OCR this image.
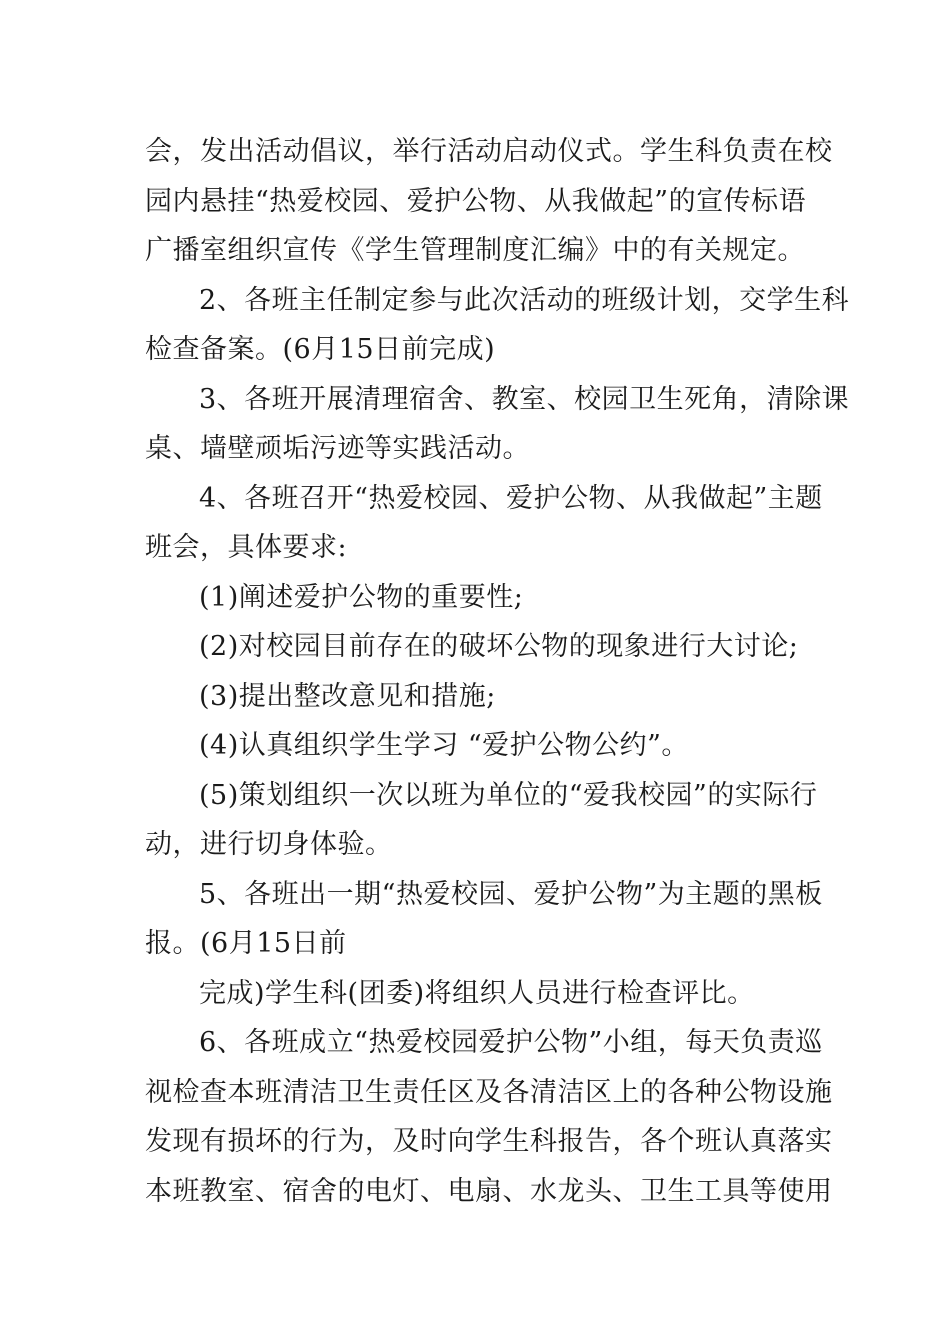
会，发出活动倡议，举行活动启动仪式。学生科负责在校
园内悬挂“热爱校园、爱护公物、从我做起”的宣传标语
广播室组织宣传《学生管理制度汇编》中的有关规定。
2、各班主任制定参与此次活动的班级计划，交学生科
检查备案。(6月15日前完成)
3、各班开展清理宿舍、教室、校园卫生死角，清除课
桌、墙壁顽垢污迹等实践活动。
4、各班召开“热爱校园、爱护公物、从我做起”主题
班会，具体要求:
(1)阐述爱护公物的重要性;
(2)对校园目前存在的破坏公物的现象进行大讨论;
(3)提出整改意见和措施;
(4)认真组织学生学习 “爱护公物公约”。
(5)策划组织一次以班为单位的“爱我校园”的实际行
动，进行切身体验。
5、各班出一期“热爱校园、爱护公物”为主题的黑板
报。(6月15日前
完成)学生科(团委)将组织人员进行检查评比。
6、各班成立“热爱校园爱护公物”小组，每天负责巡
视检查本班清洁卫生责任区及各清洁区上的各种公物设施
发现有损坏的行为，及时向学生科报告，各个班认真落实
本班教室、宿舍的电灯、电扇、水龙头、卫生工具等使用
